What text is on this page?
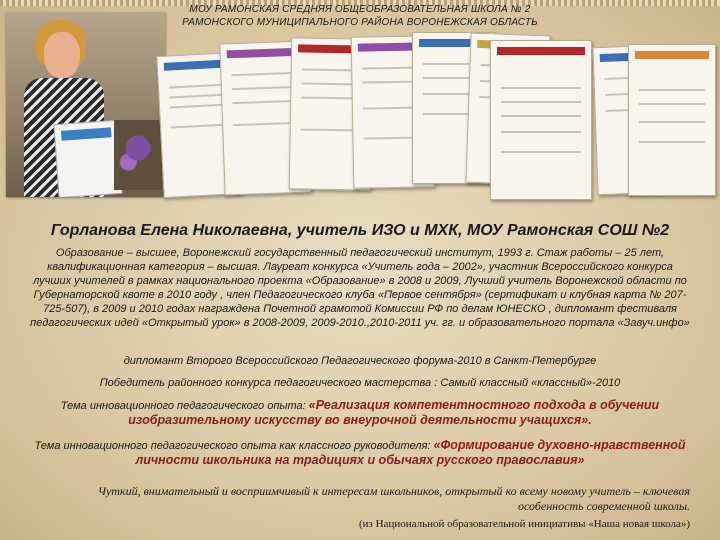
МОУ РАМОНСКАЯ СРЕДНЯЯ ОБЩЕОБРАЗОВАТЕЛЬНАЯ ШКОЛА № 2
РАМОНСКОГО МУНИЦИПАЛЬНОГО РАЙОНА ВОРОНЕЖСКАЯ ОБЛАСТЬ
Горланова Елена Николаевна, учитель ИЗО и МХК, МОУ Рамонская СОШ №2
Образование – высшее, Воронежский государственный педагогический институт, 1993 г. Стаж работы – 25 лет, квалификационная категория – высшая. Лауреат конкурса «Учитель года – 2002», участник Всероссийского конкурса лучших учителей в рамках национального проекта «Образование» в 2008 и 2009, Лучший учитель Воронежской области по Губернаторской квоте в 2010 году , член Педагогического клуба «Первое сентября» (сертификат и клубная карта № 207-725-507), в 2009 и 2010 годах награждена Почетной грамотой Комиссии РФ по делам ЮНЕСКО , дипломант фестиваля педагогических идей «Открытый урок» в 2008-2009, 2009-2010.,2010-2011 уч. гг. и образовательного портала «Завуч.инфо»
дипломант Второго Всероссийского Педагогического форума-2010 в Санкт-Петербурге
Победитель районного конкурса педагогического мастерства : Самый классный «классный»-2010
Тема инновационного педагогического опыта: «Реализация компетентностного подхода в обучении изобразительному искусству во внеурочной деятельности учащихся».
Тема инновационного педагогического опыта как классного руководителя: «Формирование духовно-нравственной личности школьника на традициях и обычаях русского православия»
Чуткий, внимательный и восприимчивый к интересам школьников, открытый ко всему новому учитель – ключевая особенность современной школы.
(из Национальной образовательной инициативы «Наша новая школа»)
